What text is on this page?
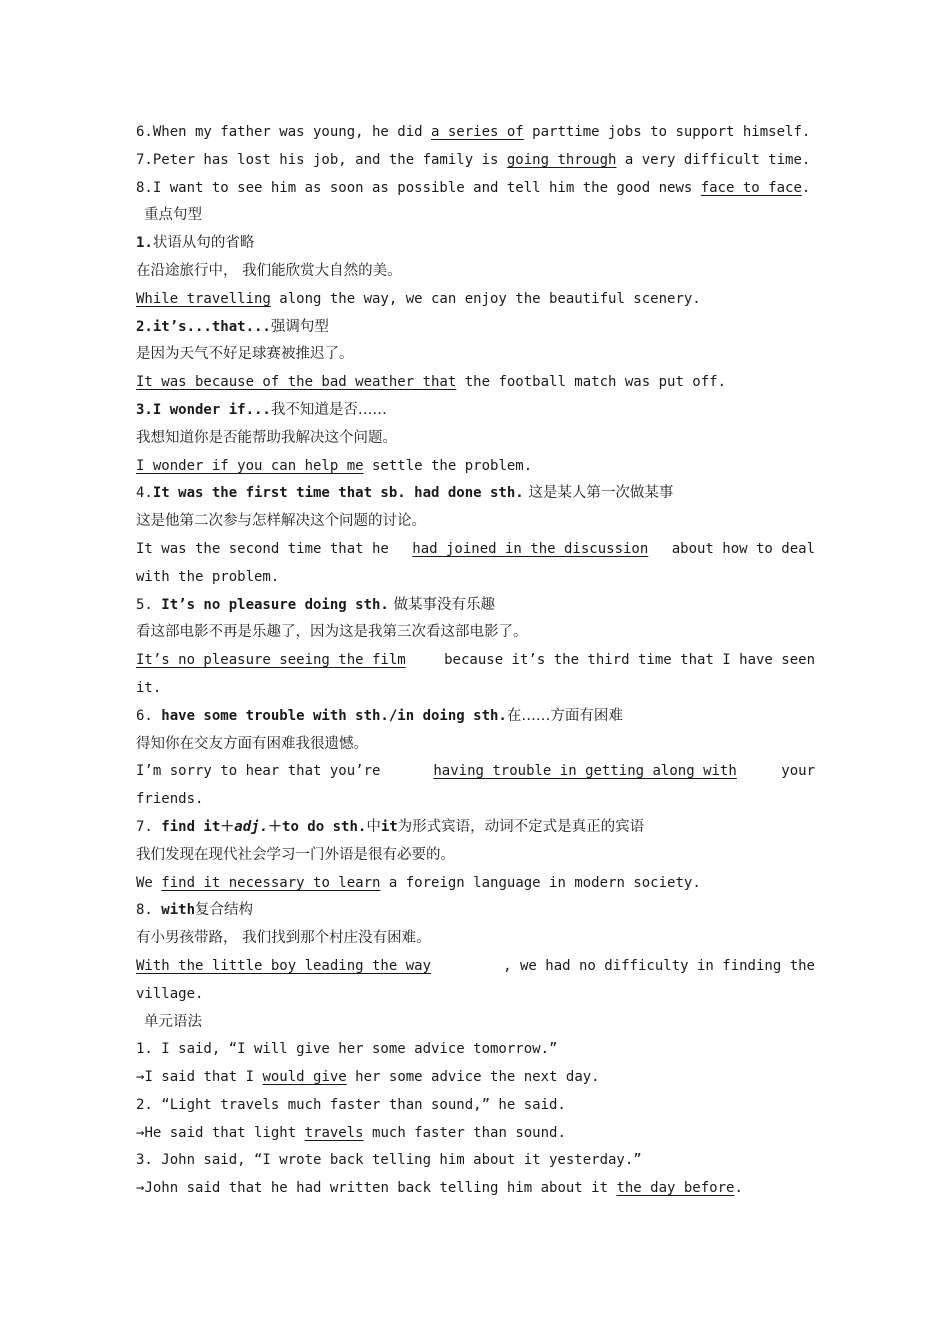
6.When my father was young, he did a series of parttime jobs to support himself.
7.Peter has lost his job, and the family is going through a very difficult time.
8.I want to see him as soon as possible and tell him the good news face to face.
重点句型
1.状语从句的省略
在沿途旅行中， 我们能欣赏大自然的美。
While travelling along the way, we can enjoy the beautiful scenery.
2.it’s...that...强调句型
是因为天气不好足球赛被推迟了。
It was because of the bad weather that the football match was put off.
3.I wonder if...我不知道是否……
我想知道你是否能帮助我解决这个问题。
I wonder if you can help me settle the problem.
4.It was the first time that sb. had done sth. 这是某人第一次做某事
这是他第二次参与怎样解决这个问题的讨论。
It was the second time that he had joined in the discussion about how to deal
with the problem.
5. It’s no pleasure doing sth. 做某事没有乐趣
看这部电影不再是乐趣了，因为这是我第三次看这部电影了。
It’s no pleasure seeing the film because it’s the third time that I have seen
it.
6. have some trouble with sth./in doing sth.在……方面有困难
得知你在交友方面有困难我很遗憾。
I’m sorry to hear that you’re	having trouble in getting along with	your
friends.
7. find it＋adj.＋to do sth.中it为形式宾语，动词不定式是真正的宾语
我们发现在现代社会学习一门外语是很有必要的。
We find it necessary to learn a foreign language in modern society.
8. with复合结构
有小男孩带路， 我们找到那个村庄没有困难。
With the little boy leading the way	, we had no difficulty in finding the
village.
单元语法
1. I said, “I will give her some advice tomorrow.”
→I said that I would give her some advice the next day.
2. “Light travels much faster than sound,” he said.
→He said that light travels much faster than sound.
3. John said, “I wrote back telling him about it yesterday.”
→John said that he had written back telling him about it the day before.
